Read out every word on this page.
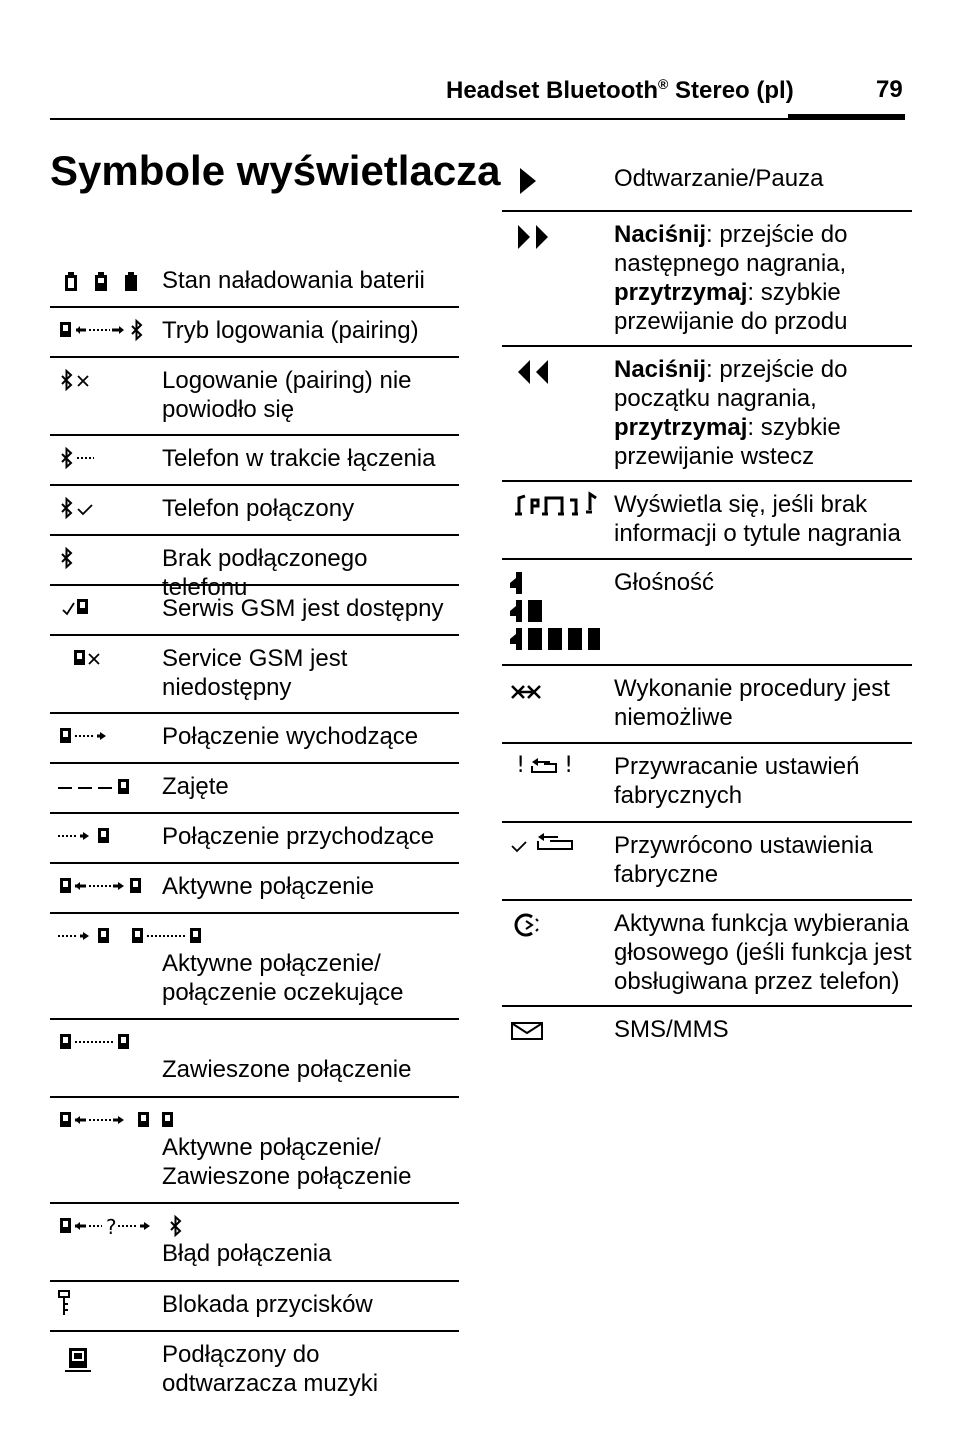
Headset Bluetooth® Stereo (pl)	79
Symbole wyświetlacza
Stan naładowania baterii
Tryb logowania (pairing)
Logowanie (pairing) nie powiodło się
Telefon w trakcie łączenia
Telefon połączony
Brak podłączonego telefonu
Serwis GSM jest dostępny
Service GSM jest niedostępny
Połączenie wychodzące
Zajęte
Połączenie przychodzące
Aktywne połączenie
Aktywne połączenie/ połączenie oczekujące
Zawieszone połączenie
Aktywne połączenie/ Zawieszone połączenie
?
Błąd połączenia
Blokada przycisków
Podłączony do odtwarzacza muzyki
Odtwarzanie/Pauza
Naciśnij: przejście do następnego nagrania, przytrzymaj: szybkie przewijanie do przodu
Naciśnij: przejście do początku nagrania, przytrzymaj: szybkie przewijanie wstecz
Wyświetla się, jeśli brak informacji o tytule nagrania
Głośność
Wykonanie procedury jest niemożliwe
! ! Przywracanie ustawień fabrycznych
Przywrócono ustawienia fabryczne
Aktywna funkcja wybierania głosowego (jeśli funkcja jest obsługiwana przez telefon)
SMS/MMS
